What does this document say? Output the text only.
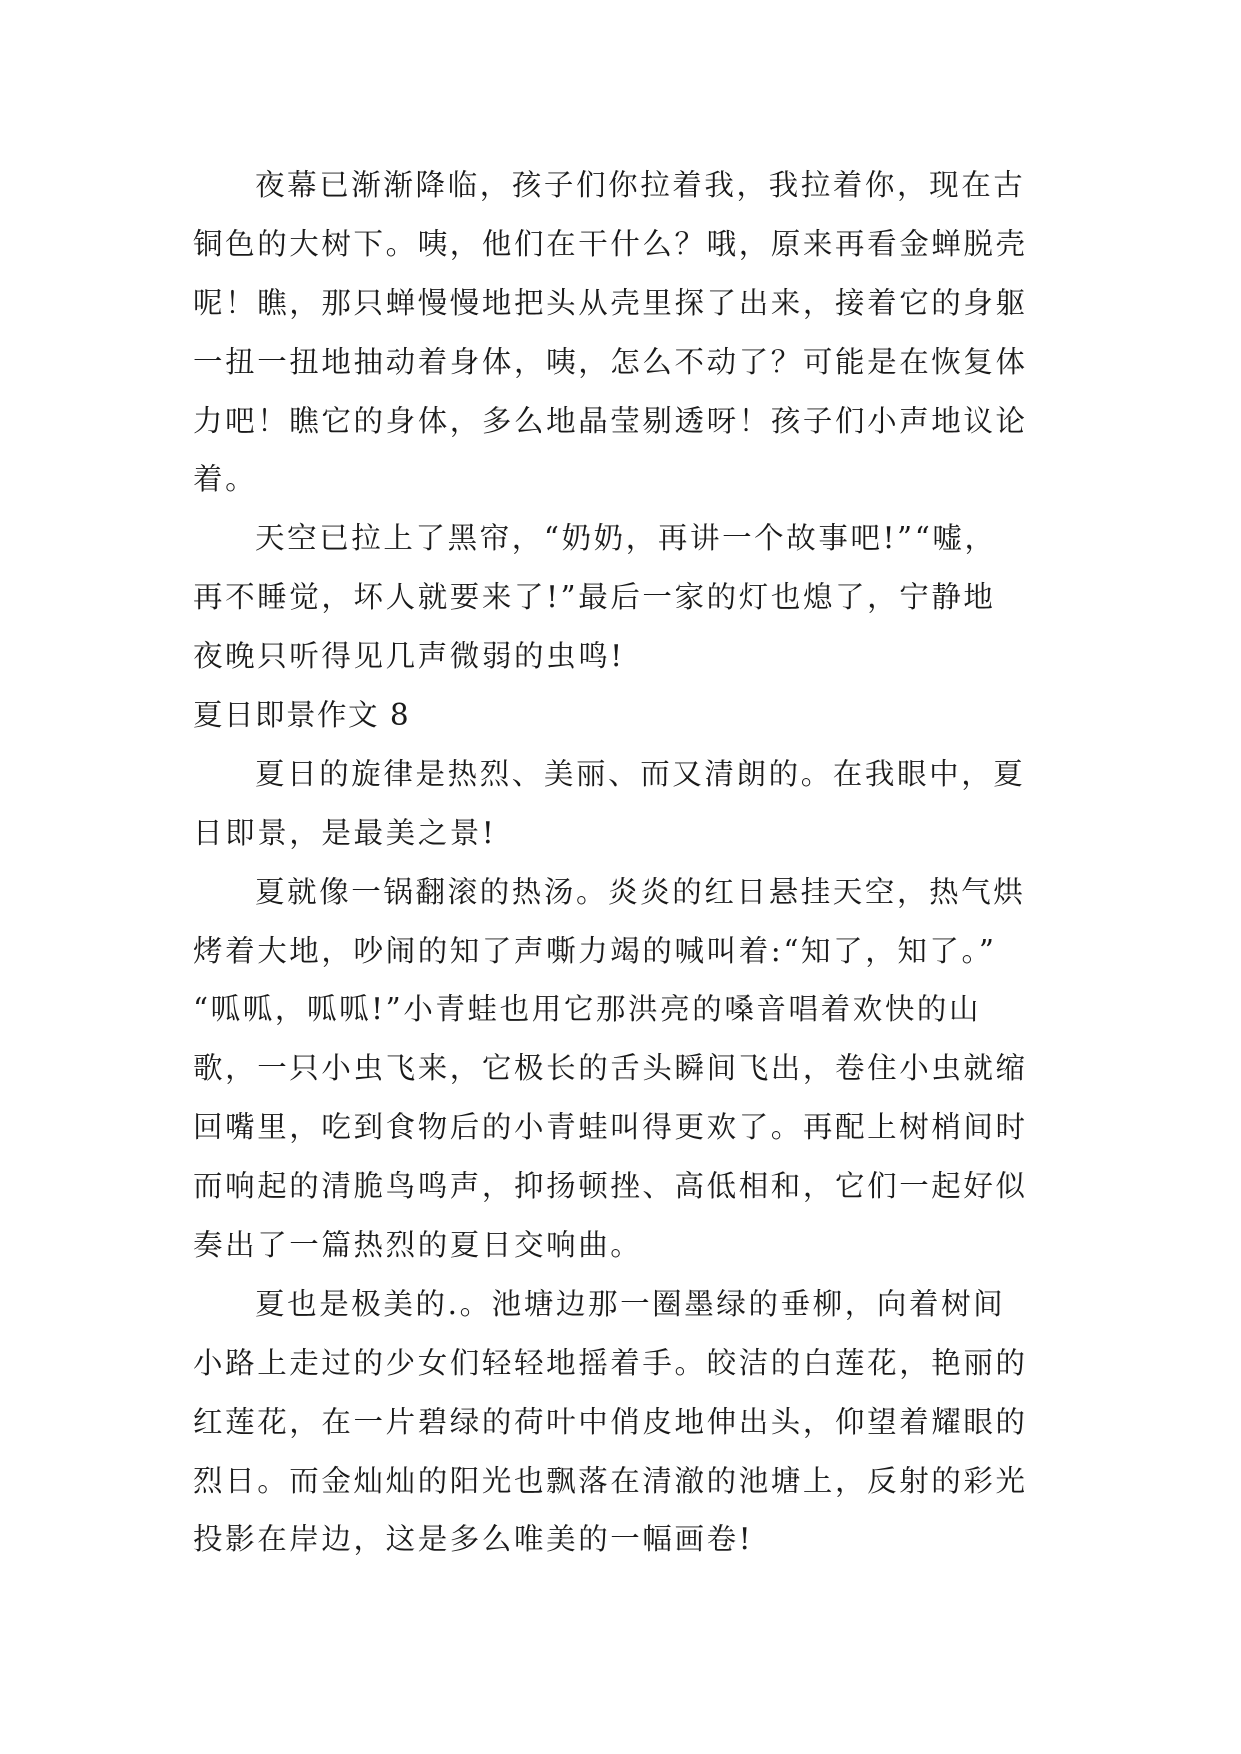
夜幕已渐渐降临，孩子们你拉着我，我拉着你，现在古
铜色的大树下。咦，他们在干什么？哦，原来再看金蝉脱壳
呢！瞧，那只蝉慢慢地把头从壳里探了出来，接着它的身躯
一扭一扭地抽动着身体，咦，怎么不动了？可能是在恢复体
力吧！瞧它的身体，多么地晶莹剔透呀！孩子们小声地议论
着。
天空已拉上了黑帘，“奶奶，再讲一个故事吧!”“嘘，
再不睡觉，坏人就要来了!”最后一家的灯也熄了，宁静地
夜晚只听得见几声微弱的虫鸣!
夏日即景作文 8
夏日的旋律是热烈、美丽、而又清朗的。在我眼中，夏
日即景，是最美之景!
夏就像一锅翻滚的热汤。炎炎的红日悬挂天空，热气烘
烤着大地，吵闹的知了声嘶力竭的喊叫着:“知了，知了。”
“呱呱，呱呱!”小青蛙也用它那洪亮的嗓音唱着欢快的山
歌，一只小虫飞来，它极长的舌头瞬间飞出，卷住小虫就缩
回嘴里，吃到食物后的小青蛙叫得更欢了。再配上树梢间时
而响起的清脆鸟鸣声，抑扬顿挫、高低相和，它们一起好似
奏出了一篇热烈的夏日交响曲。
夏也是极美的.。池塘边那一圈墨绿的垂柳，向着树间
小路上走过的少女们轻轻地摇着手。皎洁的白莲花，艳丽的
红莲花，在一片碧绿的荷叶中俏皮地伸出头，仰望着耀眼的
烈日。而金灿灿的阳光也飘落在清澈的池塘上，反射的彩光
投影在岸边，这是多么唯美的一幅画卷!
